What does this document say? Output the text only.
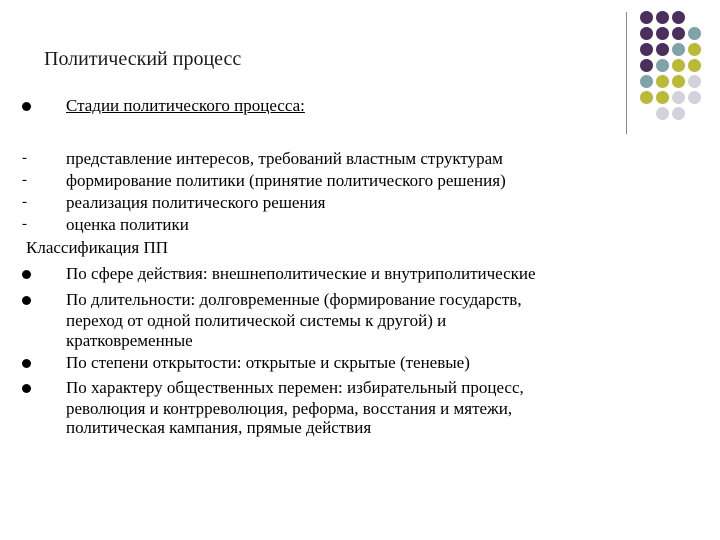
Политический процесс
Стадии политического процесса:
- представление интересов, требований властным структурам
- формирование политики (принятие политического решения)
- реализация политического решения
- оценка политики
Классификация ПП
По сфере действия: внешнеполитические и внутриполитические
По длительности: долговременные (формирование государств,
переход от одной политической системы к другой) и
кратковременные
По степени открытости: открытые и скрытые (теневые)
По характеру общественных перемен: избирательный процесс,
революция и контрреволюция, реформа, восстания и мятежи,
политическая кампания, прямые действия
